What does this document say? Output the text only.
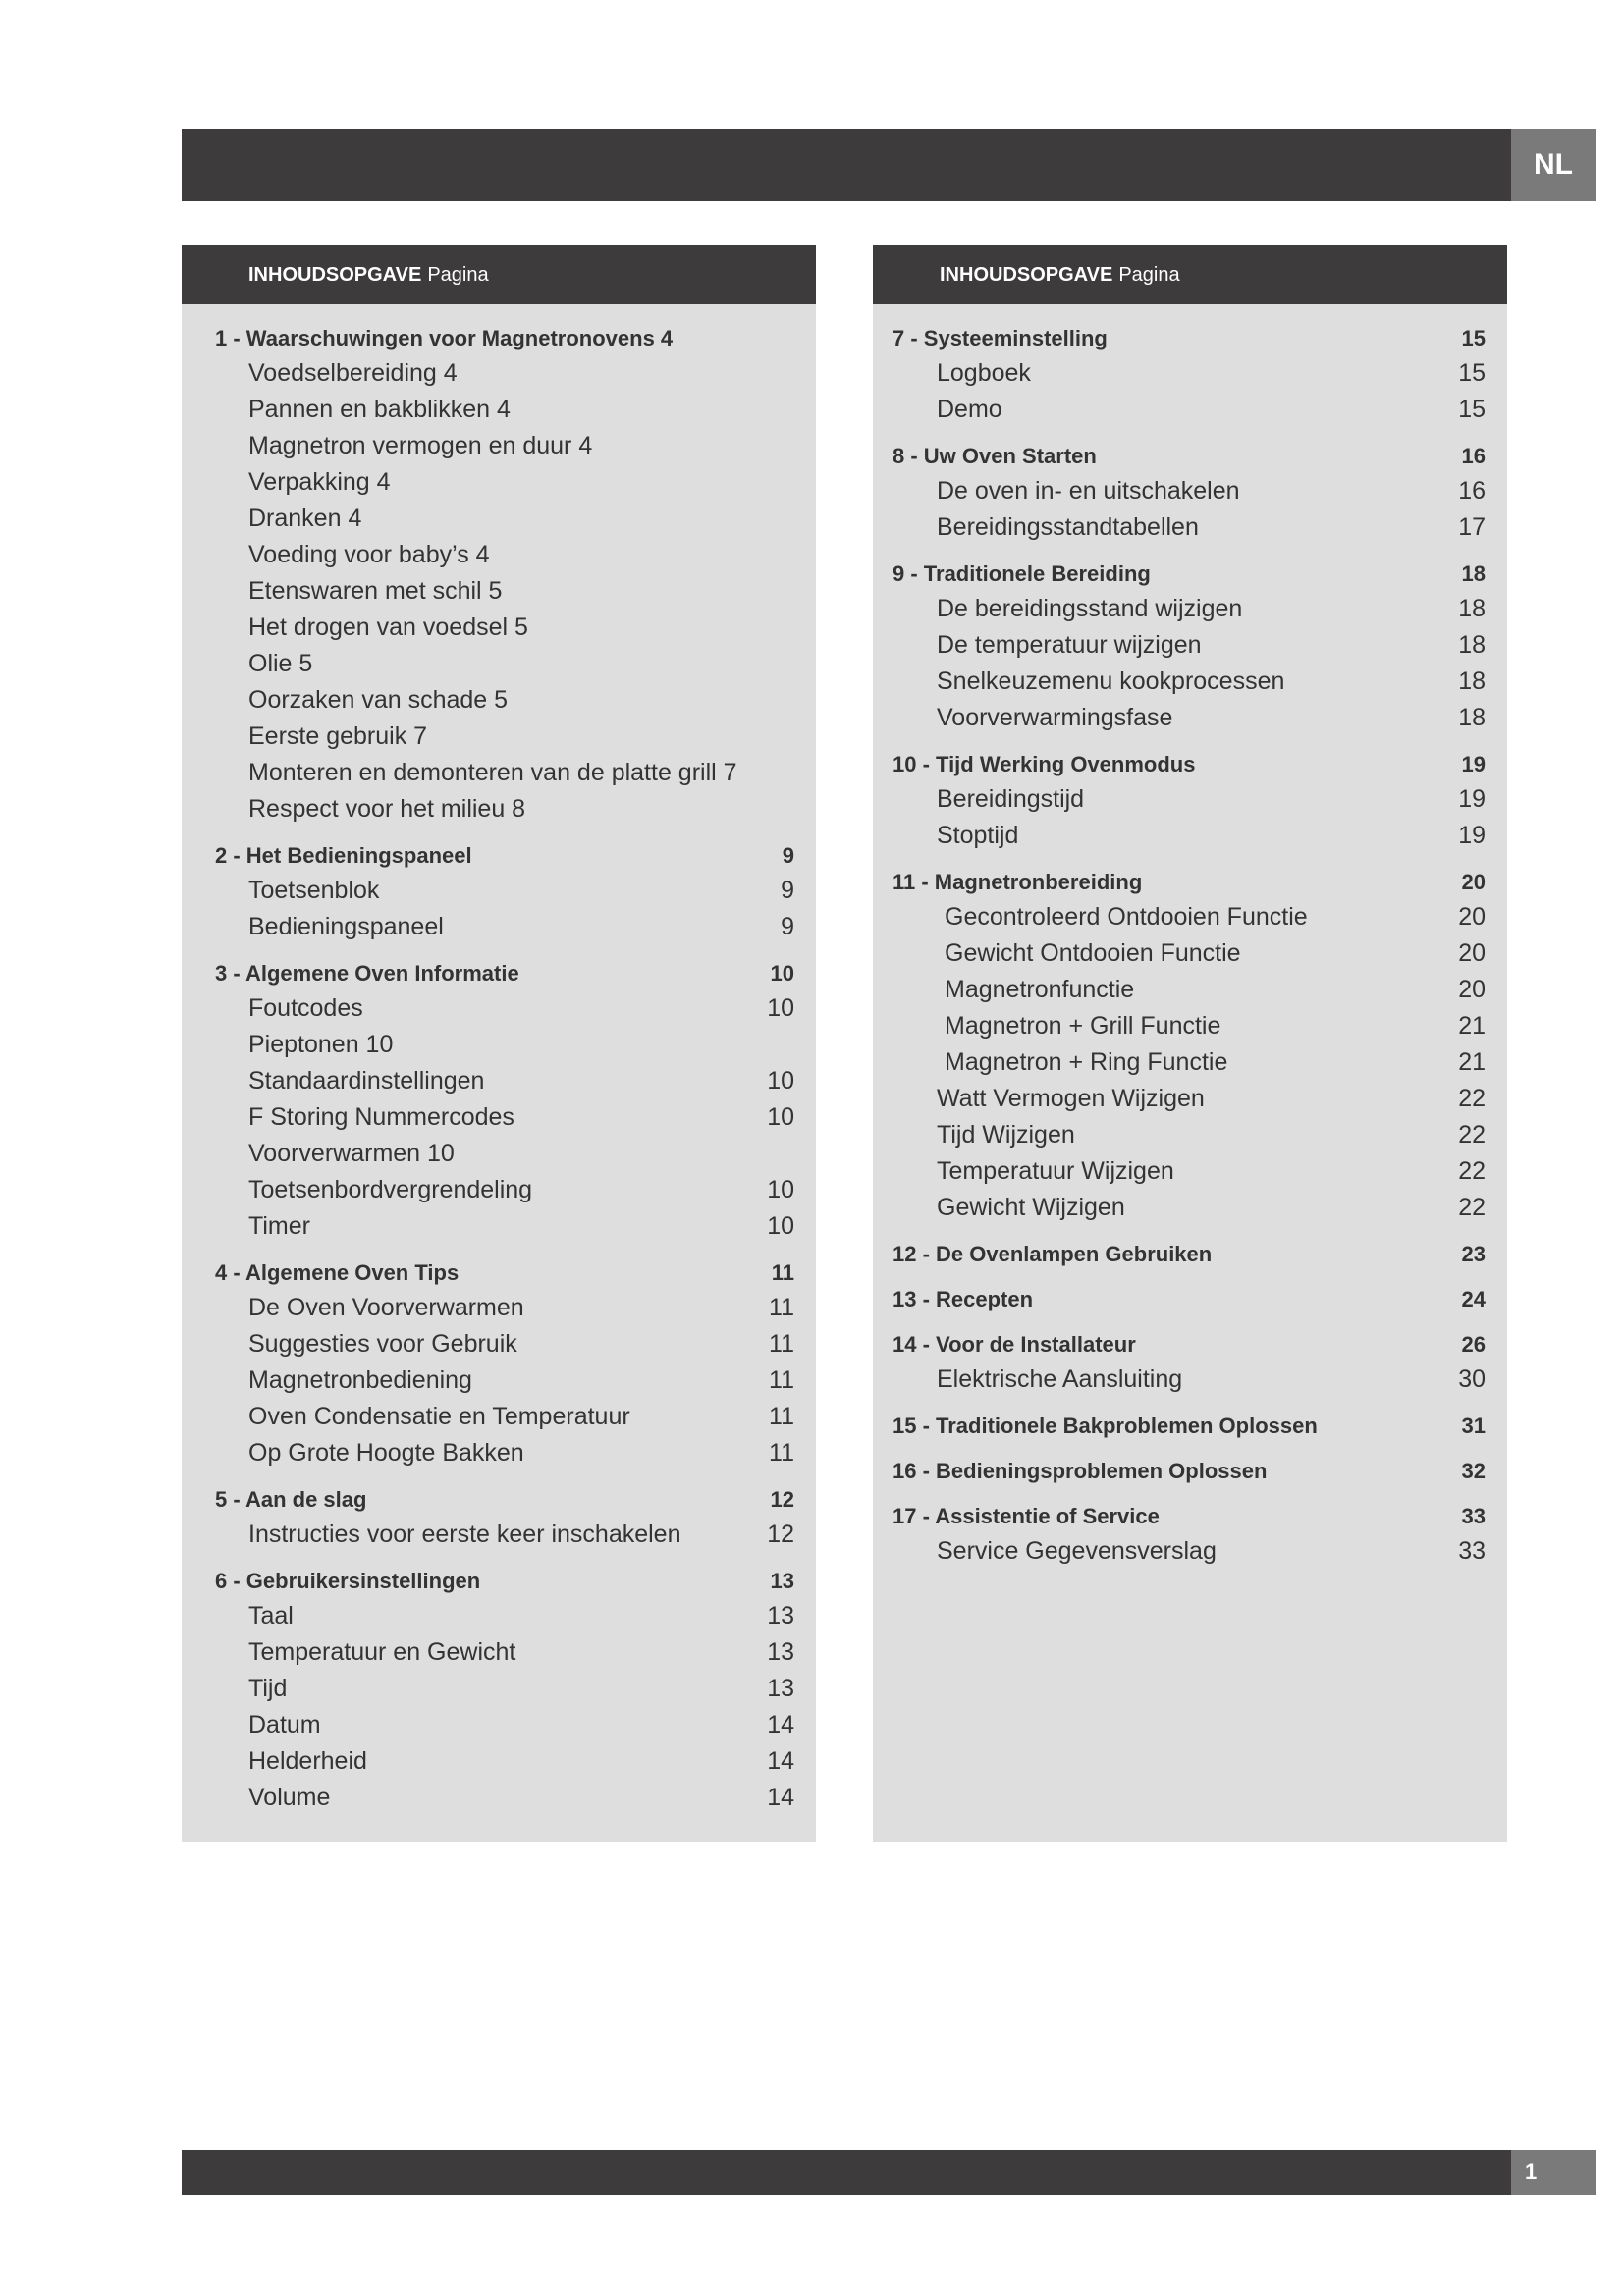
NL
INHOUDSOPGAVE Pagina
1 - Waarschuwingen voor Magnetronovens 4
Voedselbereiding 4
Pannen en bakblikken 4
Magnetron vermogen en duur 4
Verpakking 4
Dranken 4
Voeding voor baby’s 4
Etenswaren met schil 5
Het drogen van voedsel 5
Olie 5
Oorzaken van schade 5
Eerste gebruik 7
Monteren en demonteren van de platte grill 7
Respect voor het milieu 8
2 - Het Bedieningspaneel	9
Toetsenblok	9
Bedieningspaneel	9
3 - Algemene Oven Informatie	10
Foutcodes	10
Pieptonen 10
Standaardinstellingen	10
F Storing Nummercodes	10
Voorverwarmen 10
Toetsenbordvergrendeling	10
Timer	10
4 - Algemene Oven Tips	11
De Oven Voorverwarmen	11
Suggesties voor Gebruik	11
Magnetronbediening	11
Oven Condensatie en Temperatuur	11
Op Grote Hoogte Bakken	11
5 - Aan de slag	12
Instructies voor eerste keer inschakelen	12
6 - Gebruikersinstellingen	13
Taal	13
Temperatuur en Gewicht	13
Tijd	13
Datum	14
Helderheid	14
Volume	14
INHOUDSOPGAVE Pagina
7 - Systeeminstelling	15
Logboek	15
Demo	15
8 - Uw Oven Starten	16
De oven in- en uitschakelen	16
Bereidingsstandtabellen	17
9 - Traditionele Bereiding	18
De bereidingsstand wijzigen	18
De temperatuur wijzigen	18
Snelkeuzemenu kookprocessen	18
Voorverwarmingsfase	18
10 - Tijd Werking Ovenmodus	19
Bereidingstijd	19
Stoptijd	19
11 - Magnetronbereiding	20
Gecontroleerd Ontdooien Functie	20
Gewicht Ontdooien Functie	20
Magnetronfunctie	20
Magnetron + Grill Functie	21
Magnetron + Ring Functie	21
Watt Vermogen Wijzigen	22
Tijd Wijzigen	22
Temperatuur Wijzigen	22
Gewicht Wijzigen	22
12 - De Ovenlampen Gebruiken	23
13 - Recepten	24
14 - Voor de Installateur	26
Elektrische Aansluiting	30
15 - Traditionele Bakproblemen Oplossen	31
16 - Bedieningsproblemen Oplossen	32
17 - Assistentie of Service	33
Service Gegevensverslag	33
1
